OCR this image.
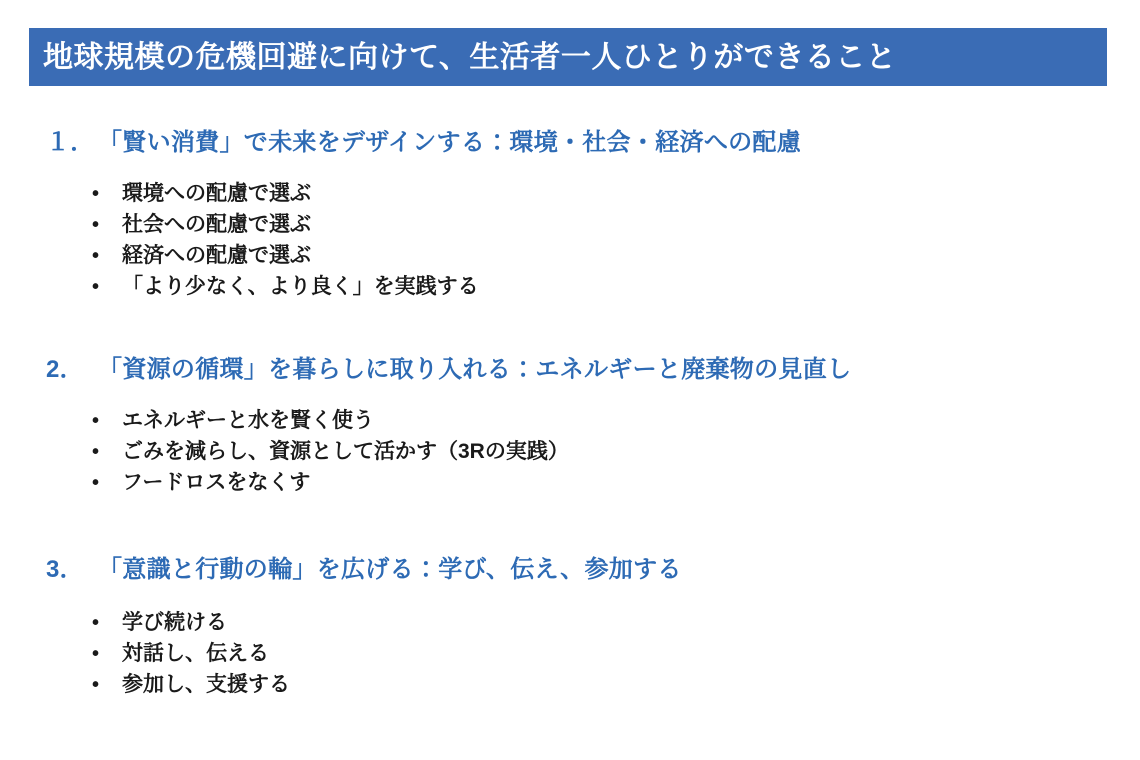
地球規模の危機回避に向けて、生活者一人ひとりができること
１． 「賢い消費」で未来をデザインする：環境・社会・経済への配慮
•	環境への配慮で選ぶ
•	社会への配慮で選ぶ
•	経済への配慮で選ぶ
•	「より少なく、より良く」を実践する
2． 「資源の循環」を暮らしに取り入れる：エネルギーと廃棄物の見直し
•	エネルギーと水を賢く使う
•	ごみを減らし、資源として活かす（3Rの実践）
•	フードロスをなくす
3． 「意識と行動の輪」を広げる：学び、伝え、参加する
•	学び続ける
•	対話し、伝える
•	参加し、支援する
